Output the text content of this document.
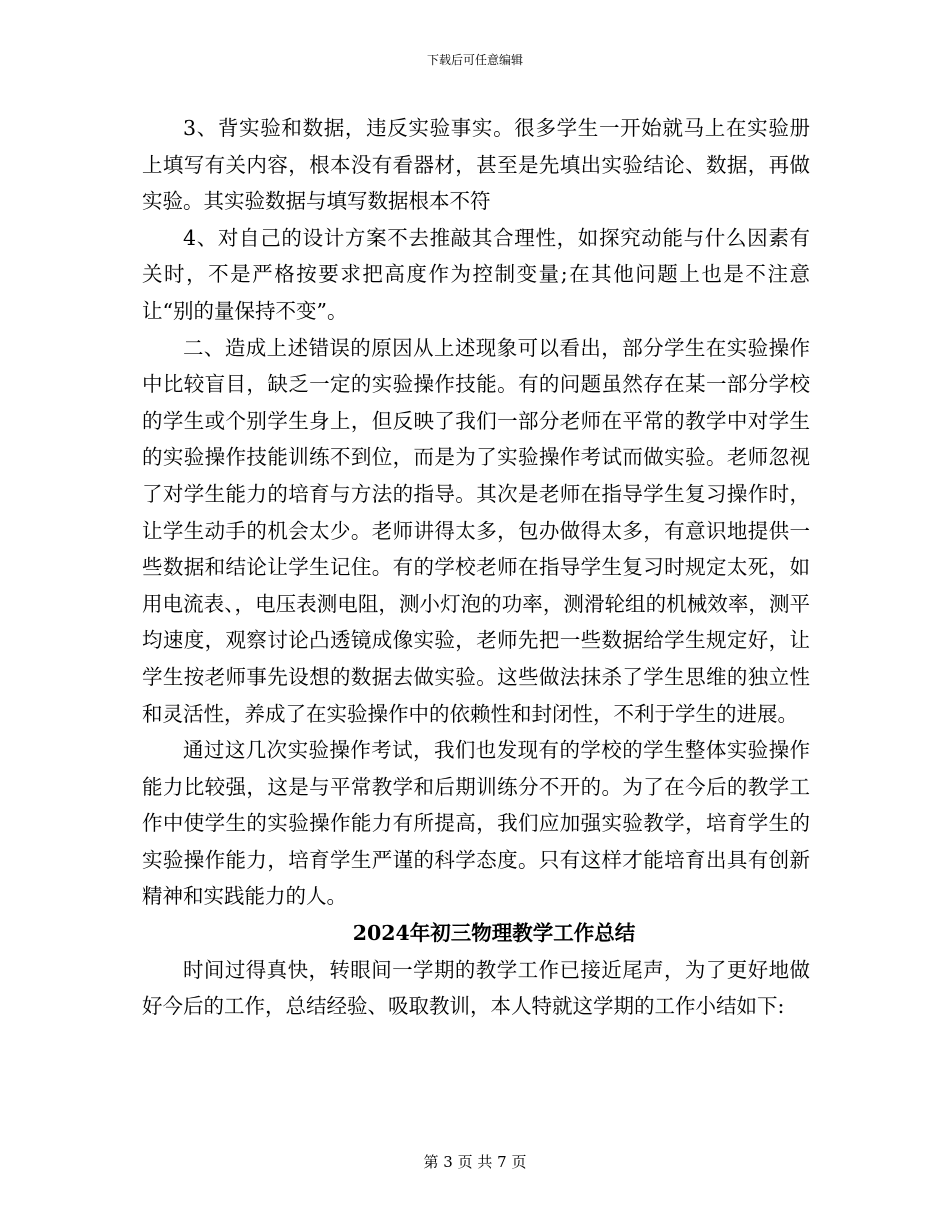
下载后可任意编辑

3、背实验和数据，违反实验事实。很多学生一开始就马上在实验册上填写有关内容，根本没有看器材，甚至是先填出实验结论、数据，再做实验。其实验数据与填写数据根本不符

4、对自己的设计方案不去推敲其合理性，如探究动能与什么因素有关时，不是严格按要求把高度作为控制变量;在其他问题上也是不注意让“别的量保持不变”。

二、造成上述错误的原因从上述现象可以看出，部分学生在实验操作中比较盲目，缺乏一定的实验操作技能。有的问题虽然存在某一部分学校的学生或个别学生身上，但反映了我们一部分老师在平常的教学中对学生的实验操作技能训练不到位，而是为了实验操作考试而做实验。老师忽视了对学生能力的培育与方法的指导。其次是老师在指导学生复习操作时，让学生动手的机会太少。老师讲得太多，包办做得太多，有意识地提供一些数据和结论让学生记住。有的学校老师在指导学生复习时规定太死，如用电流表、，电压表测电阻，测小灯泡的功率，测滑轮组的机械效率，测平均速度，观察讨论凸透镜成像实验，老师先把一些数据给学生规定好，让学生按老师事先设想的数据去做实验。这些做法抹杀了学生思维的独立性和灵活性，养成了在实验操作中的依赖性和封闭性，不利于学生的进展。

通过这几次实验操作考试，我们也发现有的学校的学生整体实验操作能力比较强，这是与平常教学和后期训练分不开的。为了在今后的教学工作中使学生的实验操作能力有所提高，我们应加强实验教学，培育学生的实验操作能力，培育学生严谨的科学态度。只有这样才能培育出具有创新精神和实践能力的人。

2024年初三物理教学工作总结

时间过得真快，转眼间一学期的教学工作已接近尾声，为了更好地做好今后的工作，总结经验、吸取教训，本人特就这学期的工作小结如下:

第 3 页 共 7 页
